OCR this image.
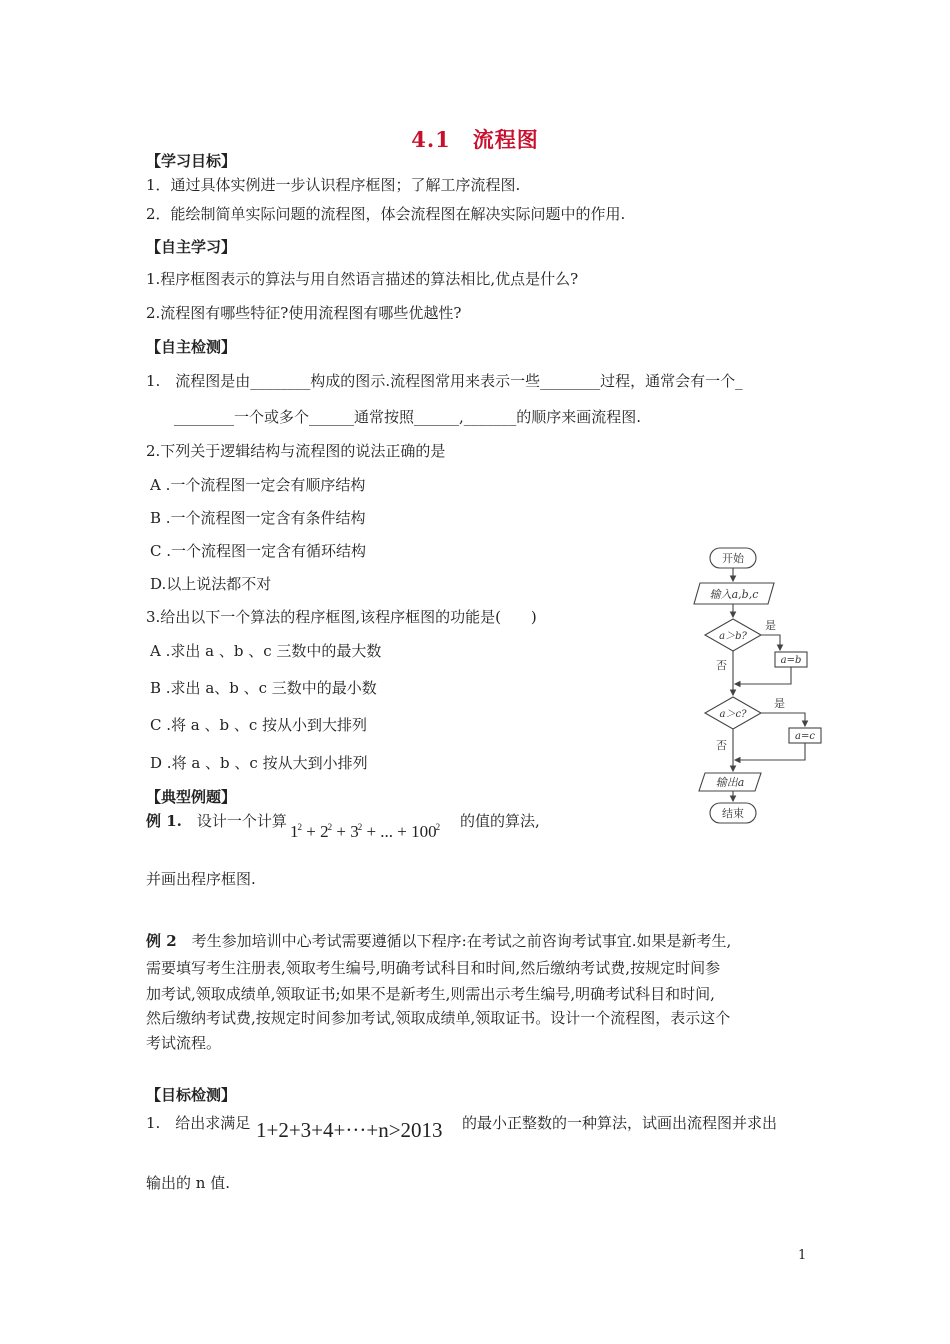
4.1　流程图
【学习目标】
1．通过具体实例进一步认识程序框图；了解工序流程图.
2．能绘制简单实际问题的流程图，体会流程图在解决实际问题中的作用.
【自主学习】
1.程序框图表示的算法与用自然语言描述的算法相比,优点是什么?
2.流程图有哪些特征?使用流程图有哪些优越性?
【自主检测】
1.　流程图是由________构成的图示.流程图常用来表示一些________过程，通常会有一个_
________一个或多个______通常按照______,_______的顺序来画流程图.
2.下列关于逻辑结构与流程图的说法正确的是
A .一个流程图一定会有顺序结构
B .一个流程图一定含有条件结构
C .一个流程图一定含有循环结构
D.以上说法都不对
3.给出以下一个算法的程序框图,该程序框图的功能是(　　)
A .求出 a 、b 、c 三数中的最大数
B .求出 a、b 、c 三数中的最小数
C .将 a 、b 、c 按从小到大排列
D .将 a 、b 、c 按从大到小排列
开始
输入a,b,c
a＞b?
是
a=b
否
a＞c?
是
a=c
否
输出a
结束
【典型例题】
例 1.　设计一个计算
$1^2 + 2^2 + 3^2$ + ... + $100^2$ 的值的算法,
并画出程序框图.
例 2　考生参加培训中心考试需要遵循以下程序:在考试之前咨询考试事宜.如果是新考生,
需要填写考生注册表,领取考生编号,明确考试科目和时间,然后缴纳考试费,按规定时间参
加考试,领取成绩单,领取证书;如果不是新考生,则需出示考生编号,明确考试科目和时间,
然后缴纳考试费,按规定时间参加考试,领取成绩单,领取证书。设计一个流程图，表示这个
考试流程。
【目标检测】
1.　给出求满足 1+2+3+4+···+n>2013 的最小正整数的一种算法，试画出流程图并求出
输出的 n 值.
1
